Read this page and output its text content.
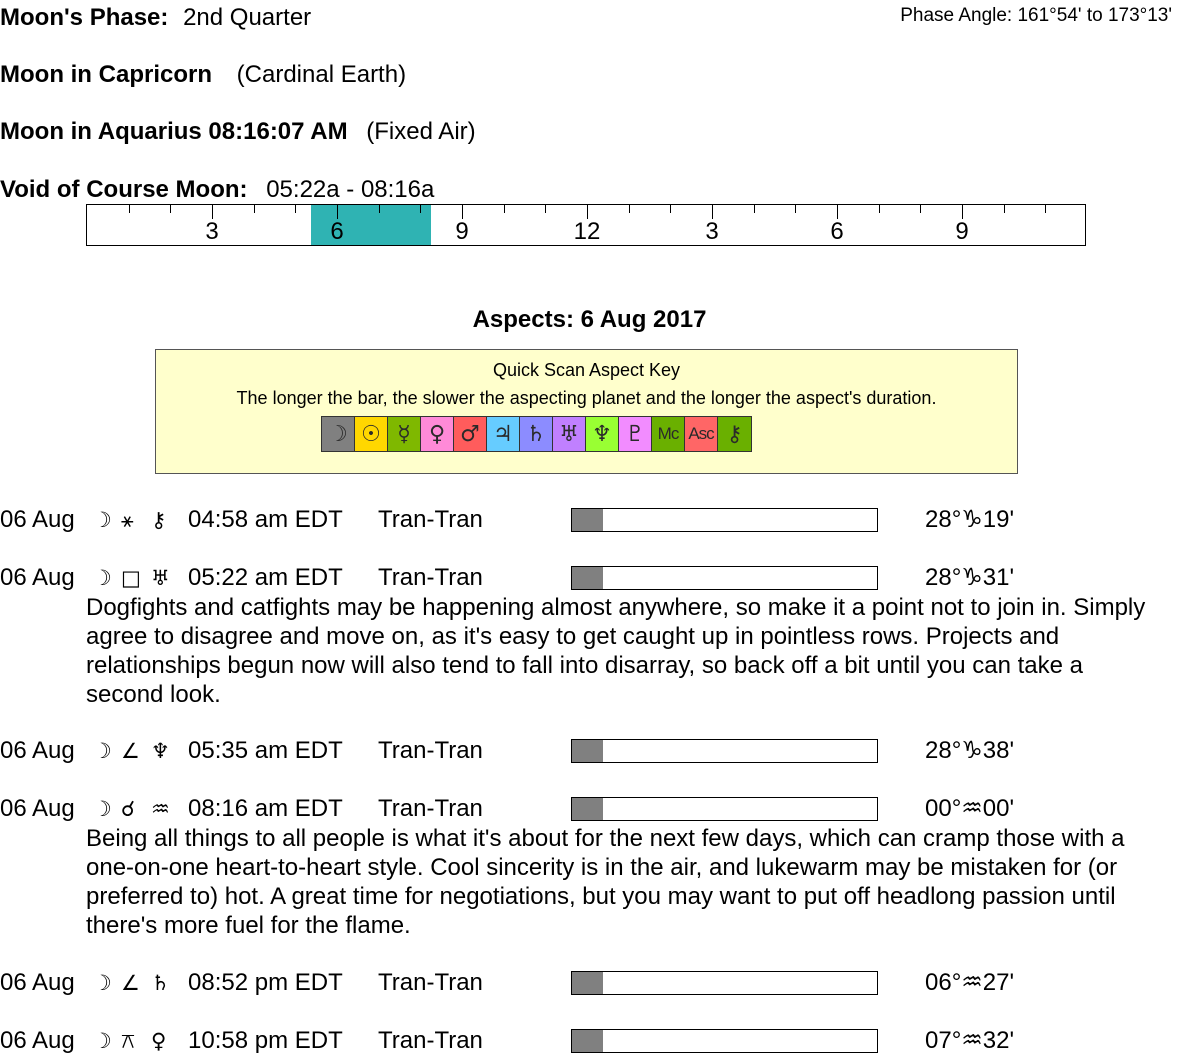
Moon's Phase: 2nd Quarter	Phase Angle: 161°54' to 173°13'
Moon in Capricorn (Cardinal Earth)
Moon in Aquarius 08:16:07 AM (Fixed Air)
Void of Course Moon: 05:22a - 08:16a
3	6	9	12	3	6	9
Aspects: 6 Aug 2017
Quick Scan Aspect Key
The longer the bar, the slower the aspecting planet and the longer the aspect's duration.
☽ ☉ ☿ ♀ ♂ ♃ ♄ ♅ ♆ ♇ Mc Asc ⚷
06 Aug ☽ ⚹ ⚷ 04:58 am EDT Tran-Tran	28°♑19'
06 Aug ☽ □ ♅ 05:22 am EDT Tran-Tran	28°♑31'
Dogfights and catfights may be happening almost anywhere, so make it a point not to join in. Simply agree to disagree and move on, as it's easy to get caught up in pointless rows. Projects and relationships begun now will also tend to fall into disarray, so back off a bit until you can take a second look.
06 Aug ☽ ∠ ♆ 05:35 am EDT Tran-Tran	28°♑38'
06 Aug ☽ ☌ ♒ 08:16 am EDT Tran-Tran	00°♒00'
Being all things to all people is what it's about for the next few days, which can cramp those with a one-on-one heart-to-heart style. Cool sincerity is in the air, and lukewarm may be mistaken for (or preferred to) hot. A great time for negotiations, but you may want to put off headlong passion until there's more fuel for the flame.
06 Aug ☽ ∠ ♄ 08:52 pm EDT Tran-Tran	06°♒27'
06 Aug ☽ ⚻ ♀ 10:58 pm EDT Tran-Tran	07°♒32'
